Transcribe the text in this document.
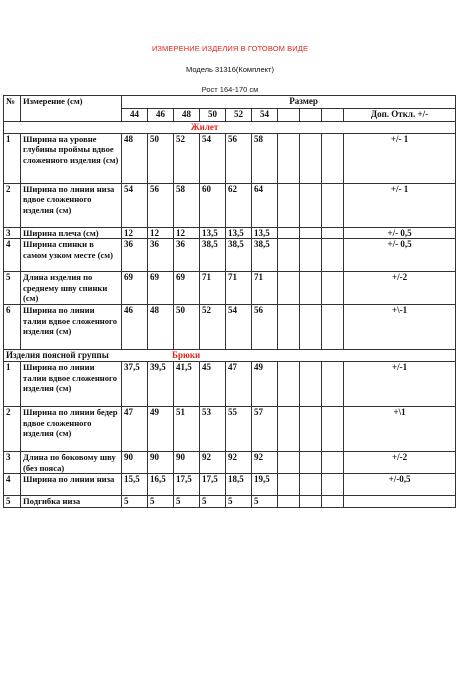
ИЗМЕРЕНИЕ ИЗДЕЛИЯ В ГОТОВОМ ВИДЕ
Модель 31316(Комплект)
Рост 164-170 см
№	Измерение (см)	Размер									
		44	46	48	50	52	54				Доп. Откл. +/-

Жилет											

1	Ширина на уровне глубины проймы вдвое сложенного изделия (см)	48	50	52	54	56	58				+/- 1
2	Ширина по линии низа вдвое сложенного изделия (см)	54	56	58	60	62	64				+/- 1
3	Ширина плеча (см)	12	12	12	13,5	13,5	13,5				+/- 0,5
4	Ширина спинки в самом узком месте (см)	36	36	36	38,5	38,5	38,5				+/- 0,5
5	Длина изделия по среднему шву спинки (см)	69	69	69	71	71	71				+/-2
6	Ширина по линии талии вдвое сложенного изделия (см)	46	48	50	52	54	56				+\-1

Изделия поясной группы Брюки											

1	Ширина по линии талии вдвое сложенного изделия (см)	37,5	39,5	41,5	45	47	49				+/-1
2	Ширина по линии бедер вдвое сложенного изделия (см)	47	49	51	53	55	57				+\1
3	Длина по боковому шву (без пояса)	90	90	90	92	92	92				+/-2
4	Ширина по линии низа	15,5	16,5	17,5	17,5	18,5	19,5				+/-0,5
5	Подгибка низа	5	5	5	5	5	5				
